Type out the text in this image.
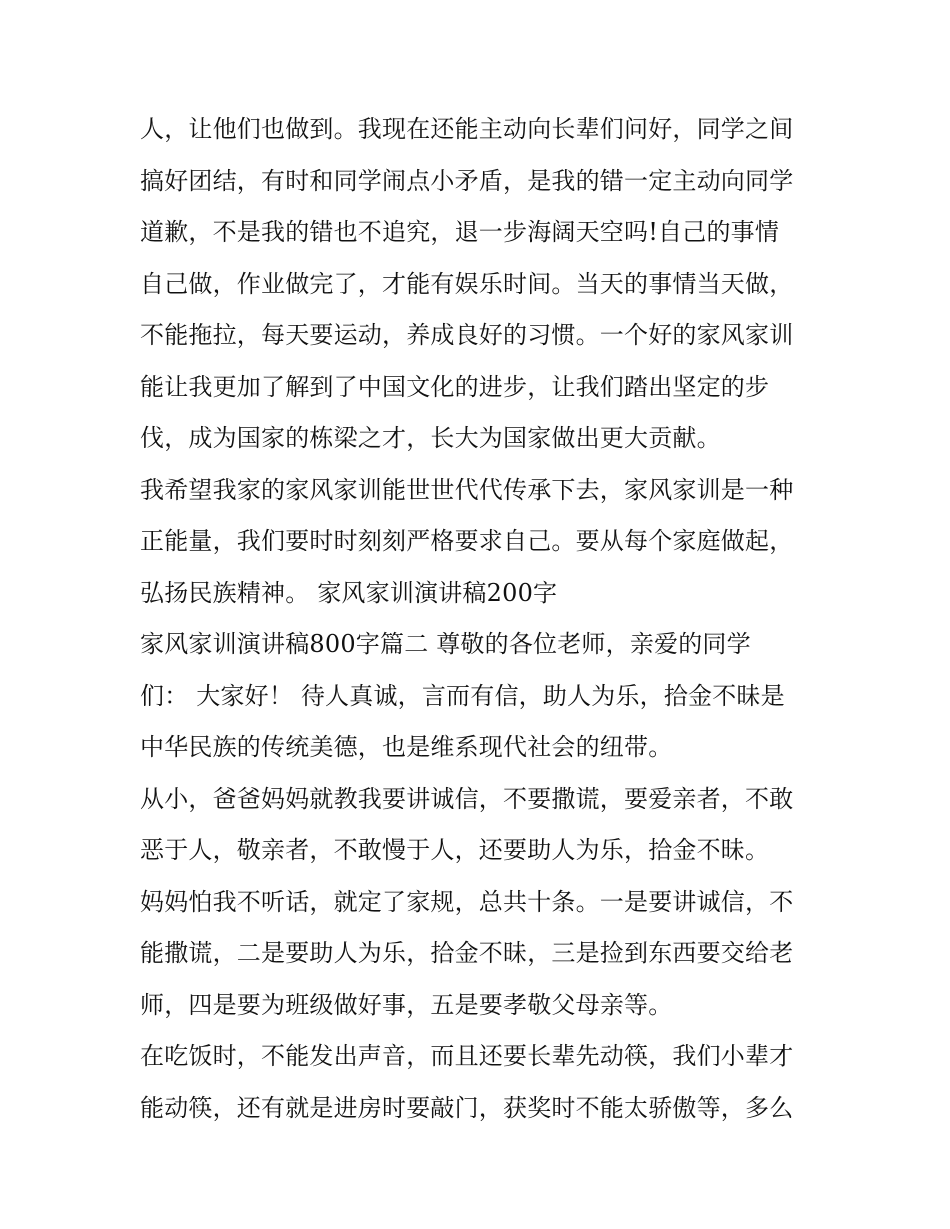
人，让他们也做到。我现在还能主动向长辈们问好，同学之间
搞好团结，有时和同学闹点小矛盾，是我的错一定主动向同学
道歉，不是我的错也不追究，退一步海阔天空吗!自己的事情
自己做，作业做完了，才能有娱乐时间。当天的事情当天做，
不能拖拉，每天要运动，养成良好的习惯。一个好的家风家训
能让我更加了解到了中国文化的进步，让我们踏出坚定的步
伐，成为国家的栋梁之才，长大为国家做出更大贡献。
我希望我家的家风家训能世世代代传承下去，家风家训是一种
正能量，我们要时时刻刻严格要求自己。要从每个家庭做起，
弘扬民族精神。 家风家训演讲稿200字
家风家训演讲稿800字篇二 尊敬的各位老师，亲爱的同学
们： 大家好！ 待人真诚，言而有信，助人为乐，拾金不昧是
中华民族的传统美德，也是维系现代社会的纽带。
从小，爸爸妈妈就教我要讲诚信，不要撒谎，要爱亲者，不敢
恶于人，敬亲者，不敢慢于人，还要助人为乐，拾金不昧。
妈妈怕我不听话，就定了家规，总共十条。一是要讲诚信，不
能撒谎，二是要助人为乐，拾金不昧，三是捡到东西要交给老
师，四是要为班级做好事，五是要孝敬父母亲等。
在吃饭时，不能发出声音，而且还要长辈先动筷，我们小辈才
能动筷，还有就是进房时要敲门，获奖时不能太骄傲等，多么
